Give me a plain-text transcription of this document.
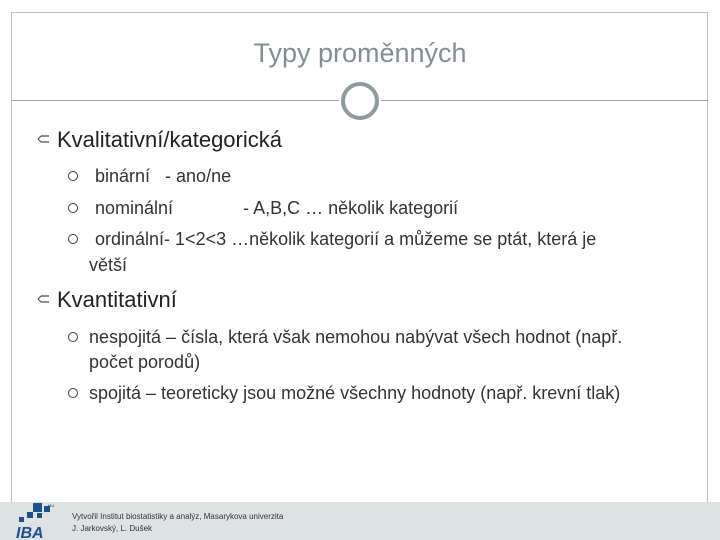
Typy proměnných
Kvalitativní/kategorická
binární   - ano/ne
nominální              - A,B,C … několik kategorií
ordinální- 1<2<3 …několik kategorií a můžeme se ptát, která je
větší
Kvantitativní
nespojitá – čísla, která však nemohou nabývat všech hodnot (např.
počet porodů)
spojitá – teoreticky jsou možné všechny hodnoty (např. krevní tlak)
MU
IBA
Vytvořil Institut biostatistiky a analýz, Masarykova univerzita
J. Jarkovský, L. Dušek
